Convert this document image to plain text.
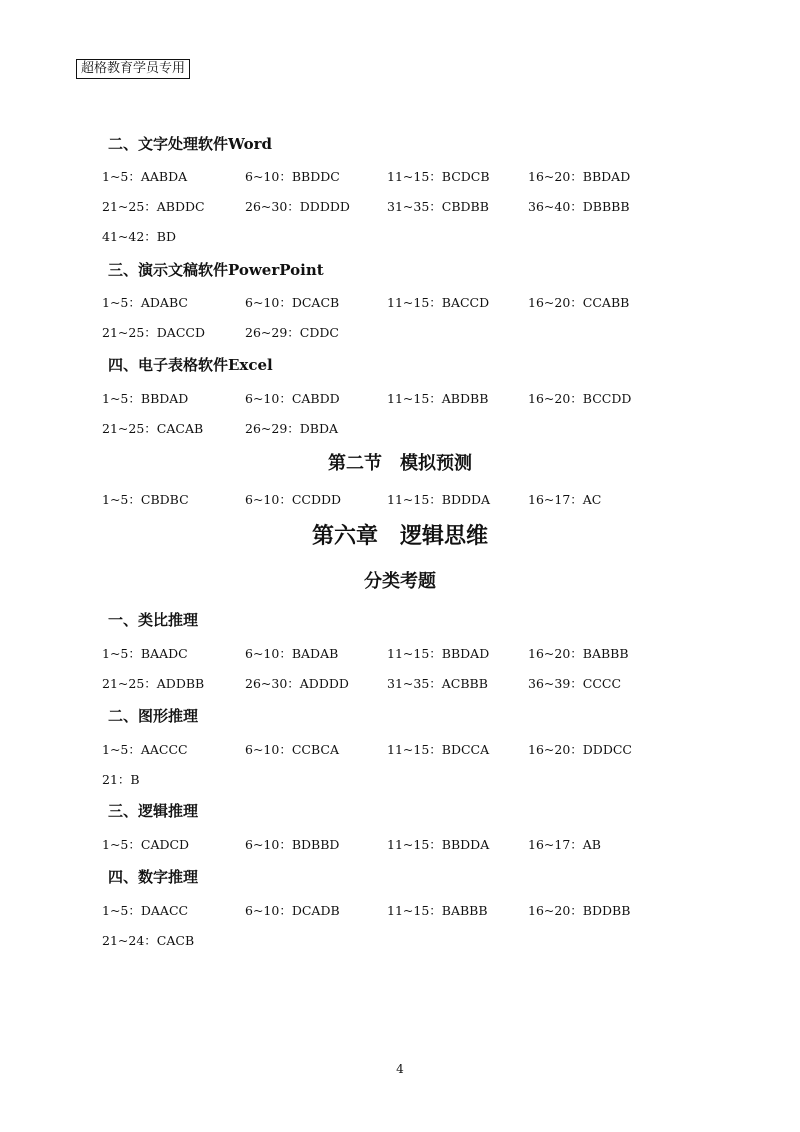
超格教育学员专用
二、文字处理软件Word
1~5：AABDA	6~10：BBDDC	11~15：BCDCB	16~20：BBDAD
21~25：ABDDC	26~30：DDDDD	31~35：CBDBB	36~40：DBBBB
41~42：BD
三、演示文稿软件PowerPoint
1~5：ADABC	6~10：DCACB	11~15：BACCD	16~20：CCABB
21~25：DACCD	26~29：CDDC
四、电子表格软件Excel
1~5：BBDAD	6~10：CABDD	11~15：ABDBB	16~20：BCCDD
21~25：CACAB	26~29：DBDA
第二节　模拟预测
1~5：CBDBC	6~10：CCDDD	11~15：BDDDA	16~17：AC
第六章　逻辑思维
分类考题
一、类比推理
1~5：BAADC	6~10：BADAB	11~15：BBDAD	16~20：BABBB
21~25：ADDBB	26~30：ADDDD	31~35：ACBBB	36~39：CCCC
二、图形推理
1~5：AACCC	6~10：CCBCA	11~15：BDCCA	16~20：DDDCC
21：B
三、逻辑推理
1~5：CADCD	6~10：BDBBD	11~15：BBDDA	16~17：AB
四、数字推理
1~5：DAACC	6~10：DCADB	11~15：BABBB	16~20：BDDBB
21~24：CACB
4
